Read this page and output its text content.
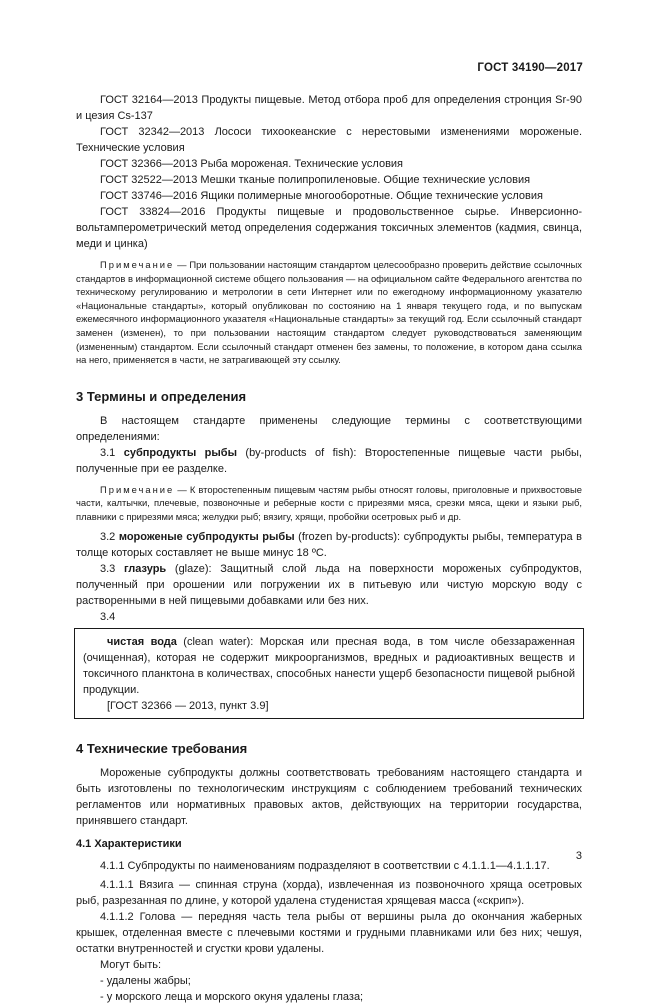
ГОСТ 34190—2017

ГОСТ 32164—2013 Продукты пищевые. Метод отбора проб для определения стронция Sr-90 и цезия Cs-137

ГОСТ 32342—2013 Лососи тихоокеанские с нерестовыми изменениями мороженые. Технические условия

ГОСТ 32366—2013 Рыба мороженая. Технические условия

ГОСТ 32522—2013 Мешки тканые полипропиленовые. Общие технические условия

ГОСТ 33746—2016 Ящики полимерные многооборотные. Общие технические условия

ГОСТ 33824—2016 Продукты пищевые и продовольственное сырье. Инверсионно-вольтамперометрический метод определения содержания токсичных элементов (кадмия, свинца, меди и цинка)

Примечание — При пользовании настоящим стандартом целесообразно проверить действие ссылочных стандартов в информационной системе общего пользования — на официальном сайте Федерального агентства по техническому регулированию и метрологии в сети Интернет или по ежегодному информационному указателю «Национальные стандарты», который опубликован по состоянию на 1 января текущего года, и по выпускам ежемесячного информационного указателя «Национальные стандарты» за текущий год. Если ссылочный стандарт заменен (изменен), то при пользовании настоящим стандартом следует руководствоваться заменяющим (измененным) стандартом. Если ссылочный стандарт отменен без замены, то положение, в котором дана ссылка на него, применяется в части, не затрагивающей эту ссылку.

3 Термины и определения

В настоящем стандарте применены следующие термины с соответствующими определениями:

3.1 субпродукты рыбы (by-products of fish): Второстепенные пищевые части рыбы, полученные при ее разделке.

Примечание — К второстепенным пищевым частям рыбы относят головы, приголовные и прихвостовые части, калтычки, плечевые, позвоночные и реберные кости с прирезями мяса, срезки мяса, щеки и языки рыб, плавники с прирезями мяса; желудки рыб; вязигу, хрящи, пробойки осетровых рыб и др.

3.2 мороженые субпродукты рыбы (frozen by-products): субпродукты рыбы, температура в толще которых составляет не выше минус 18 ºС.

3.3 глазурь (glaze): Защитный слой льда на поверхности мороженых субпродуктов, полученный при орошении или погружении их в питьевую или чистую морскую воду с растворенными в ней пищевыми добавками или без них.

3.4

чистая вода (clean water): Морская или пресная вода, в том числе обеззараженная (очищенная), которая не содержит микроорганизмов, вредных и радиоактивных веществ и токсичного планктона в количествах, способных нанести ущерб безопасности пищевой рыбной продукции.

[ГОСТ 32366 — 2013, пункт 3.9]

4 Технические требования

Мороженые субпродукты должны соответствовать требованиям настоящего стандарта и быть изготовлены по технологическим инструкциям с соблюдением требований технических регламентов или нормативных правовых актов, действующих на территории государства, принявшего стандарт.

4.1 Характеристики

4.1.1 Субпродукты по наименованиям подразделяют в соответствии с 4.1.1.1—4.1.1.17.

4.1.1.1 Вязига — спинная струна (хорда), извлеченная из позвоночного хряща осетровых рыб, разрезанная по длине, у которой удалена студенистая хрящевая масса («скрип»).

4.1.1.2 Голова — передняя часть тела рыбы от вершины рыла до окончания жаберных крышек, отделенная вместе с плечевыми костями и грудными плавниками или без них; чешуя, остатки внутренностей и сгустки крови удалены.

Могут быть:

- удалены жабры;

- у морского леща и морского окуня удалены глаза;

3
